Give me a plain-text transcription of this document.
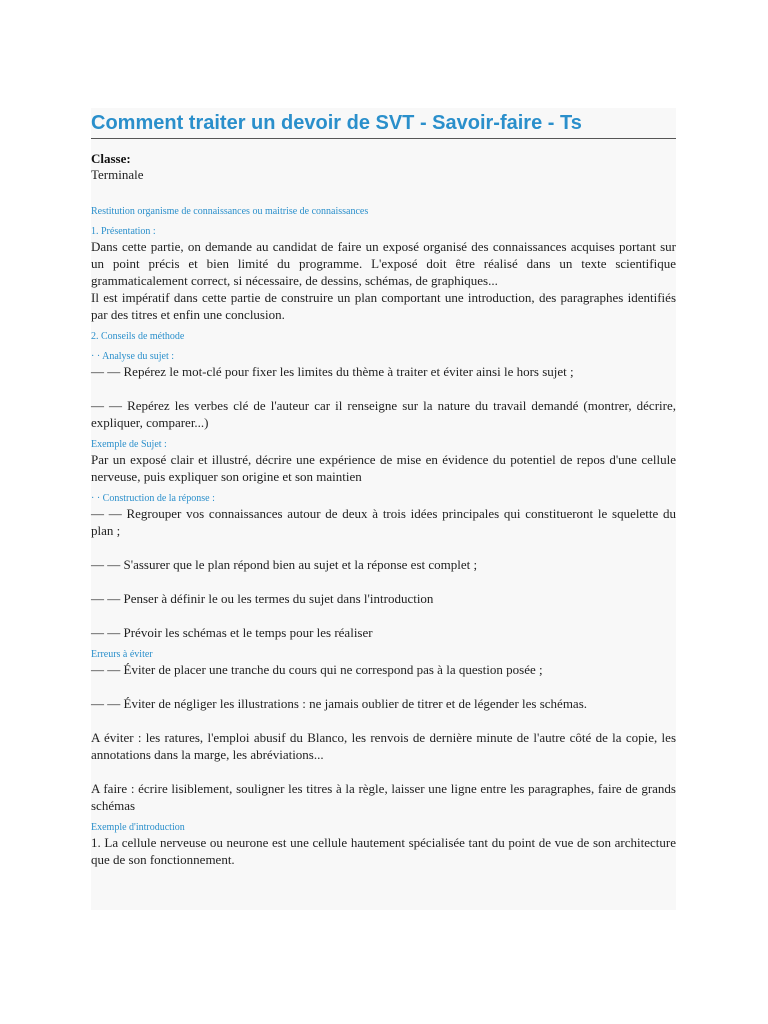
Comment traiter un devoir de SVT - Savoir-faire - Ts
Classe:
Terminale
Restitution organisme de connaissances ou maitrise de connaissances
1. Présentation :

Dans cette partie, on demande au candidat de faire un exposé organisé des connaissances acquises portant sur un point précis et bien limité du programme. L'exposé doit être réalisé dans un texte scientifique grammaticalement correct, si nécessaire, de dessins, schémas, de graphiques...

Il est impératif dans cette partie de construire un plan comportant une introduction, des paragraphes identifiés par des titres et enfin une conclusion.

2. Conseils de méthode
· · Analyse du sujet :

— — Repérez le mot-clé pour fixer les limites du thème à traiter et éviter ainsi le hors sujet ;

— — Repérez les verbes clé de l'auteur car il renseigne sur la nature du travail demandé (montrer, décrire, expliquer, comparer...)

Exemple de Sujet :

Par un exposé clair et illustré, décrire une expérience de mise en évidence du potentiel de repos d'une cellule nerveuse, puis expliquer son origine et son maintien

· · Construction de la réponse :

— — Regrouper vos connaissances autour de deux à trois idées principales qui constitueront le squelette du plan ;

— — S'assurer que le plan répond bien au sujet et la réponse est complet ;

— — Penser à définir le ou les termes du sujet dans l'introduction

— — Prévoir les schémas et le temps pour les réaliser

Erreurs à éviter

— — Éviter de placer une tranche du cours qui ne correspond pas à la question posée ;

— — Éviter de négliger les illustrations : ne jamais oublier de titrer et de légender les schémas.

A éviter : les ratures, l'emploi abusif du Blanco, les renvois de dernière minute de l'autre côté de la copie, les annotations dans la marge, les abréviations...

A faire : écrire lisiblement, souligner les titres à la règle, laisser une ligne entre les paragraphes, faire de grands schémas

Exemple d'introduction

1. La cellule nerveuse ou neurone est une cellule hautement spécialisée tant du point de vue de son architecture que de son fonctionnement.
